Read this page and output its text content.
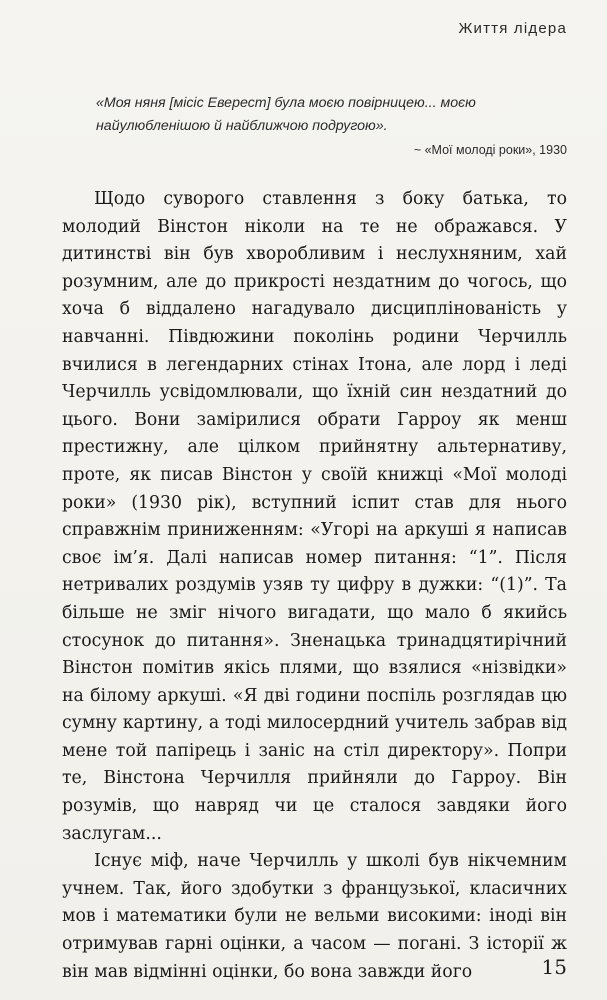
Життя лідера
«Моя няня [місіс Еверест] була моєю повірницею... моєю найулюбленішою й найближчою подругою».
~ «Мої молоді роки», 1930

Щодо суворого ставлення з боку батька, то молодий Вінстон ніколи на те не ображався. У дитинстві він був хворобливим і неслухняним, хай розумним, але до прикрості нездатним до чогось, що хоча б віддалено нагадувало дисциплінованість у навчанні. Півдюжини поколінь родини Черчилль вчилися в легендарних стінах Ітона, але лорд і леді Черчилль усвідомлювали, що їхній син нездатний до цього. Вони замірилися обрати Гарроу як менш престижну, але цілком прийнятну альтернативу, проте, як писав Вінстон у своїй книжці «Мої молоді роки» (1930 рік), вступний іспит став для нього справжнім приниженням: «Угорі на аркуші я написав своє ім’я. Далі написав номер питання: “1”. Після нетривалих роздумів узяв ту цифру в дужки: “(1)”. Та більше не зміг нічого вигадати, що мало б якийсь стосунок до питання». Зненацька тринадцятирічний Вінстон помітив якісь плями, що взялися «нізвідки» на білому аркуші. «Я дві години поспіль розглядав цю сумну картину, а тоді милосердний учитель забрав від мене той папірець і заніс на стіл директору». Попри те, Вінстона Черчилля прийняли до Гарроу. Він розумів, що навряд чи це сталося завдяки його заслугам...

Існує міф, наче Черчилль у школі був нікчемним учнем. Так, його здобутки з французької, класичних мов і математики були не вельми високими: іноді він отримував гарні оцінки, а часом — погані. З історії ж він мав відмінні оцінки, бо вона завжди його	15
